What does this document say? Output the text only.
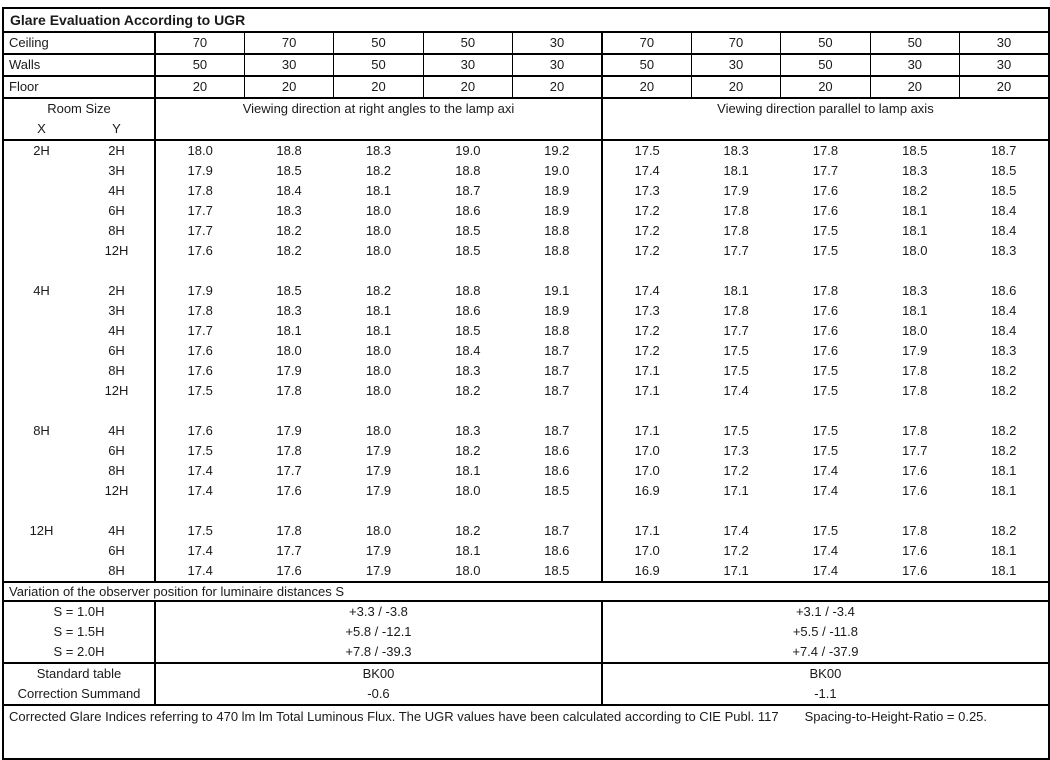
Glare Evaluation According to UGR											
Ceiling		70	70	50	50	30	70	70	50	50	30
Walls		50	30	50	30	30	50	30	50	30	30
Floor		20	20	20	20	20	20	20	20	20	20

Room Size
X Y		Viewing direction at right angles to the lamp axi					Viewing direction parallel to lamp axis				
2H	2H	18.0	18.8	18.3	19.0	19.2	17.5	18.3	17.8	18.5	18.7
	3H	17.9	18.5	18.2	18.8	19.0	17.4	18.1	17.7	18.3	18.5
	4H	17.8	18.4	18.1	18.7	18.9	17.3	17.9	17.6	18.2	18.5
	6H	17.7	18.3	18.0	18.6	18.9	17.2	17.8	17.6	18.1	18.4
	8H	17.7	18.2	18.0	18.5	18.8	17.2	17.8	17.5	18.1	18.4
	12H	17.6	18.2	18.0	18.5	18.8	17.2	17.7	17.5	18.0	18.3

4H	2H	17.9	18.5	18.2	18.8	19.1	17.4	18.1	17.8	18.3	18.6
	3H	17.8	18.3	18.1	18.6	18.9	17.3	17.8	17.6	18.1	18.4
	4H	17.7	18.1	18.1	18.5	18.8	17.2	17.7	17.6	18.0	18.4
	6H	17.6	18.0	18.0	18.4	18.7	17.2	17.5	17.6	17.9	18.3
	8H	17.6	17.9	18.0	18.3	18.7	17.1	17.5	17.5	17.8	18.2
	12H	17.5	17.8	18.0	18.2	18.7	17.1	17.4	17.5	17.8	18.2

8H	4H	17.6	17.9	18.0	18.3	18.7	17.1	17.5	17.5	17.8	18.2
	6H	17.5	17.8	17.9	18.2	18.6	17.0	17.3	17.5	17.7	18.2
	8H	17.4	17.7	17.9	18.1	18.6	17.0	17.2	17.4	17.6	18.1
	12H	17.4	17.6	17.9	18.0	18.5	16.9	17.1	17.4	17.6	18.1

12H	4H	17.5	17.8	18.0	18.2	18.7	17.1	17.4	17.5	17.8	18.2
	6H	17.4	17.7	17.9	18.1	18.6	17.0	17.2	17.4	17.6	18.1
	8H	17.4	17.6	17.9	18.0	18.5	16.9	17.1	17.4	17.6	18.1
Variation of the observer position for luminaire distances S											
S = 1.0H		+3.3 / -3.8					+3.1 / -3.4				
S = 1.5H		+5.8 / -12.1					+5.5 / -11.8				
S = 2.0H		+7.8 / -39.3					+7.4 / -37.9				
Standard table		BK00					BK00				
Correction Summand		-0.6					-1.1				
Corrected Glare Indices referring to 470 lm lm Total Luminous Flux. The UGR values have been calculated according to CIE Publ. 117 Spacing-to-Height-Ratio = 0.25.											
